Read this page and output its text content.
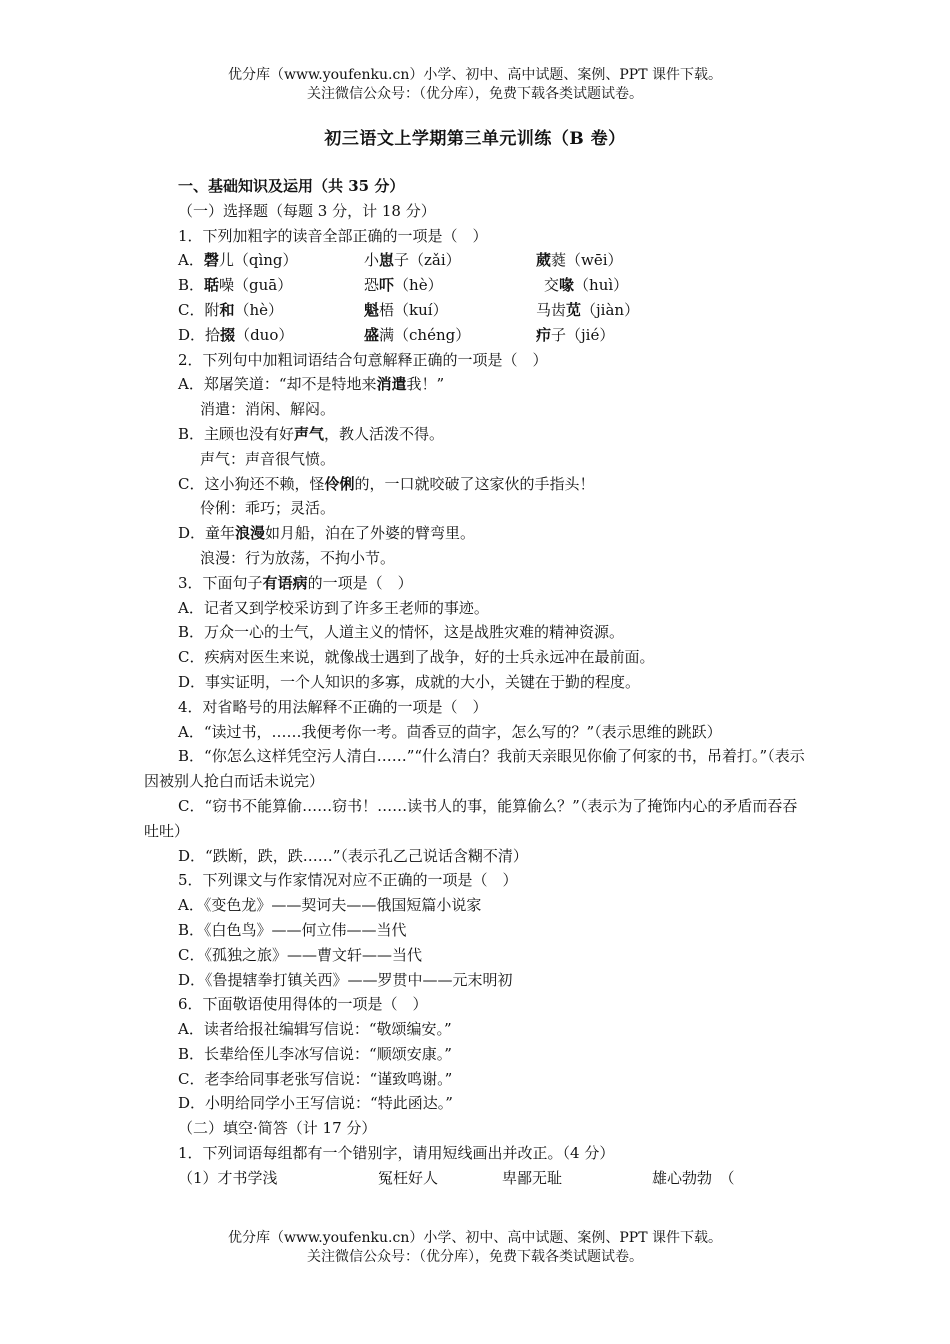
优分库（www.youfenku.cn）小学、初中、高中试题、案例、PPT 课件下载。
关注微信公众号：（优分库），免费下载各类试题试卷。
初三语文上学期第三单元训练（B 卷）
一、基础知识及运用（共 35 分）
（一）选择题（每题 3 分，计 18 分）
1．下列加粗字的读音全部正确的一项是（　）
A．磬儿（qìng）	小崽子（zǎi）	葳蕤（wēi）
B．聒噪（guā）	恐吓（hè）	交喙（huì）
C．附和（hè）	魁梧（kuí）	马齿苋（jiàn）
D．拾掇（duo）	盛满（chéng）	疖子（jié）
2．下列句中加粗词语结合句意解释正确的一项是（　）
A．郑屠笑道：“却不是特地来消遣我！”
消遣：消闲、解闷。
B．主顾也没有好声气，教人活泼不得。
声气：声音很气愤。
C．这小狗还不赖，怪伶俐的，一口就咬破了这家伙的手指头！
伶俐：乖巧；灵活。
D．童年浪漫如月船，泊在了外婆的臂弯里。
浪漫：行为放荡，不拘小节。
3．下面句子有语病的一项是（　）
A．记者又到学校采访到了许多王老师的事迹。
B．万众一心的士气，人道主义的情怀，这是战胜灾难的精神资源。
C．疾病对医生来说，就像战士遇到了战争，好的士兵永远冲在最前面。
D．事实证明，一个人知识的多寡，成就的大小，关键在于勤的程度。
4．对省略号的用法解释不正确的一项是（　）
A．“读过书，……我便考你一考。茴香豆的茴字，怎么写的？”（表示思维的跳跃）
B．“你怎么这样凭空污人清白……”“什么清白？我前天亲眼见你偷了何家的书，吊着打。”（表示因被别人抢白而话未说完）
C．“窃书不能算偷……窃书！……读书人的事，能算偷么？”（表示为了掩饰内心的矛盾而吞吞吐吐）
D．“跌断，跌，跌……”（表示孔乙己说话含糊不清）
5．下列课文与作家情况对应不正确的一项是（　）
A．《变色龙》——契诃夫——俄国短篇小说家
B．《白色鸟》——何立伟——当代
C．《孤独之旅》——曹文轩——当代
D．《鲁提辖拳打镇关西》——罗贯中——元末明初
6．下面敬语使用得体的一项是（　）
A．读者给报社编辑写信说：“敬颂编安。”
B．长辈给侄儿李冰写信说：“顺颂安康。”
C．老李给同事老张写信说：“谨致鸣谢。”
D．小明给同学小王写信说：“特此函达。”
（二）填空·简答（计 17 分）
1．下列词语每组都有一个错别字，请用短线画出并改正。（4 分）
（1）才书学浅	冤枉好人	卑鄙无耻	雄心勃勃　（
优分库（www.youfenku.cn）小学、初中、高中试题、案例、PPT 课件下载。
关注微信公众号：（优分库），免费下载各类试题试卷。
